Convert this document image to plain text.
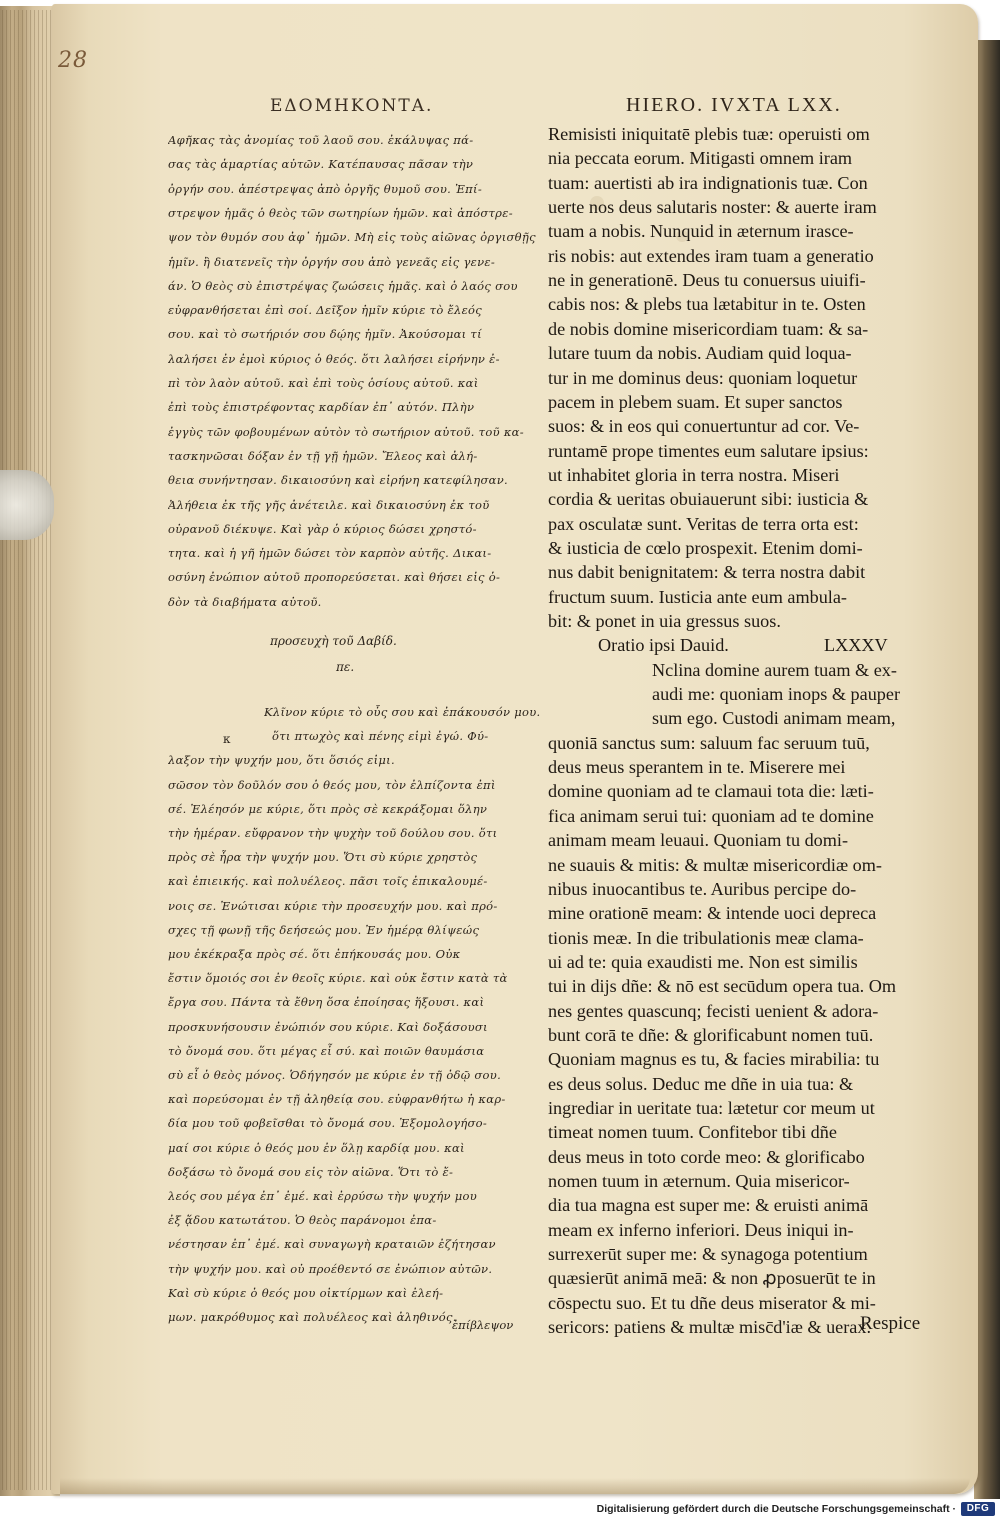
28
ΕΔΟΜΗΚΟΝΤΑ.	HIERO. IVXTA LXX.
Αφῆκας τὰς ἀνομίας τοῦ λαοῦ σου. ἐκάλυψας πά-
σας τὰς ἁμαρτίας αὐτῶν. Κατέπαυσας πᾶσαν τὴν
ὀργήν σου. ἀπέστρεψας ἀπὸ ὀργῆς θυμοῦ σου. Ἐπί-
στρεψον ἡμᾶς ὁ θεὸς τῶν σωτηρίων ἡμῶν. καὶ ἀπόστρε-
ψον τὸν θυμόν σου ἀφ᾽ ἡμῶν. Μὴ εἰς τοὺς αἰῶνας ὀργισθῇς
ἡμῖν. ἢ διατενεῖς τὴν ὀργήν σου ἀπὸ γενεᾶς εἰς γενε-
άν. Ὁ θεὸς σὺ ἐπιστρέψας ζωώσεις ἡμᾶς. καὶ ὁ λαός σου
εὐφρανθήσεται ἐπὶ σοί. Δεῖξον ἡμῖν κύριε τὸ ἔλεός
σου. καὶ τὸ σωτήριόν σου δῴης ἡμῖν. Ἀκούσομαι τί
λαλήσει ἐν ἐμοὶ κύριος ὁ θεός. ὅτι λαλήσει εἰρήνην ἐ-
πὶ τὸν λαὸν αὐτοῦ. καὶ ἐπὶ τοὺς ὁσίους αὐτοῦ. καὶ
ἐπὶ τοὺς ἐπιστρέφοντας καρδίαν ἐπ᾽ αὐτόν. Πλὴν
ἐγγὺς τῶν φοβουμένων αὐτὸν τὸ σωτήριον αὐτοῦ. τοῦ κα-
τασκηνῶσαι δόξαν ἐν τῇ γῇ ἡμῶν. Ἔλεος καὶ ἀλή-
θεια συνήντησαν. δικαιοσύνη καὶ εἰρήνη κατεφίλησαν.
Ἀλήθεια ἐκ τῆς γῆς ἀνέτειλε. καὶ δικαιοσύνη ἐκ τοῦ
οὐρανοῦ διέκυψε. Καὶ γὰρ ὁ κύριος δώσει χρηστό-
τητα. καὶ ἡ γῆ ἡμῶν δώσει τὸν καρπὸν αὐτῆς. Δικαι-
οσύνη ἐνώπιον αὐτοῦ προπορεύσεται. καὶ θήσει εἰς ὁ-
δὸν τὰ διαβήματα αὐτοῦ.
προσευχὴ τοῦ Δαβίδ.
πε.
Κλῖνον κύριε τὸ οὖς σου καὶ ἐπάκουσόν μου.
ὅτι πτωχὸς καὶ πένης εἰμὶ ἐγώ. Φύ-
λαξον τὴν ψυχήν μου, ὅτι ὅσιός εἰμι.
σῶσον τὸν δοῦλόν σου ὁ θεός μου, τὸν ἐλπίζοντα ἐπὶ
σέ. Ἐλέησόν με κύριε, ὅτι πρὸς σὲ κεκράξομαι ὅλην
τὴν ἡμέραν. εὔφρανον τὴν ψυχὴν τοῦ δούλου σου. ὅτι
πρὸς σὲ ἦρα τὴν ψυχήν μου. Ὅτι σὺ κύριε χρηστὸς
καὶ ἐπιεικής. καὶ πολυέλεος. πᾶσι τοῖς ἐπικαλουμέ-
νοις σε. Ἐνώτισαι κύριε τὴν προσευχήν μου. καὶ πρό-
σχες τῇ φωνῇ τῆς δεήσεώς μου. Ἐν ἡμέρᾳ θλίψεώς
μου ἐκέκραξα πρὸς σέ. ὅτι ἐπήκουσάς μου. Οὐκ
ἔστιν ὅμοιός σοι ἐν θεοῖς κύριε. καὶ οὐκ ἔστιν κατὰ τὰ
ἔργα σου. Πάντα τὰ ἔθνη ὅσα ἐποίησας ἥξουσι. καὶ
προσκυνήσουσιν ἐνώπιόν σου κύριε. Καὶ δοξάσουσι
τὸ ὄνομά σου. ὅτι μέγας εἶ σύ. καὶ ποιῶν θαυμάσια
σὺ εἶ ὁ θεὸς μόνος. Ὁδήγησόν με κύριε ἐν τῇ ὁδῷ σου.
καὶ πορεύσομαι ἐν τῇ ἀληθείᾳ σου. εὐφρανθήτω ἡ καρ-
δία μου τοῦ φοβεῖσθαι τὸ ὄνομά σου. Ἐξομολογήσο-
μαί σοι κύριε ὁ θεός μου ἐν ὅλῃ καρδίᾳ μου. καὶ
δοξάσω τὸ ὄνομά σου εἰς τὸν αἰῶνα. Ὅτι τὸ ἔ-
λεός σου μέγα ἐπ᾽ ἐμέ. καὶ ἐρρύσω τὴν ψυχήν μου
ἐξ ᾅδου κατωτάτου. Ὁ θεὸς παράνομοι ἐπα-
νέστησαν ἐπ᾽ ἐμέ. καὶ συναγωγὴ κραταιῶν ἐζήτησαν
τὴν ψυχήν μου. καὶ οὐ προέθεντό σε ἐνώπιον αὐτῶν.
Καὶ σὺ κύριε ὁ θεός μου οἰκτίρμων καὶ ἐλεή-
μων. μακρόθυμος καὶ πολυέλεος καὶ ἀληθινός.
κ
ἐπίβλεψον
Remisisti iniquitatē plebis tuæ: operuisti om
nia peccata eorum. Mitigasti omnem iram
tuam: auertisti ab ira indignationis tuæ. Con
uerte nos deus salutaris noster: & auerte iram
tuam a nobis. Nunquid in æternum irasce-
ris nobis: aut extendes iram tuam a generatio
ne in generationē. Deus tu conuersus uiuifi-
cabis nos: & plebs tua lætabitur in te. Osten
de nobis domine misericordiam tuam: & sa-
lutare tuum da nobis. Audiam quid loqua-
tur in me dominus deus: quoniam loquetur
pacem in plebem suam. Et super sanctos
suos: & in eos qui conuertuntur ad cor. Ve-
runtamē prope timentes eum salutare ipsius:
ut inhabitet gloria in terra nostra. Miseri
cordia & ueritas obuiauerunt sibi: iusticia &
pax osculatæ sunt. Veritas de terra orta est:
& iusticia de cœlo prospexit. Etenim domi-
nus dabit benignitatem: & terra nostra dabit
fructum suum. Iusticia ante eum ambula-
bit: & ponet in uia gressus suos.
Oratio ipsi Dauid.	LXXXV
Nclina domine aurem tuam & ex-
audi me: quoniam inops & pauper
sum ego. Custodi animam meam,
quoniā sanctus sum: saluum fac seruum tuū,
deus meus sperantem in te. Miserere mei
domine quoniam ad te clamaui tota die: læti-
fica animam serui tui: quoniam ad te domine
animam meam leuaui. Quoniam tu domi-
ne suauis & mitis: & multæ misericordiæ om-
nibus inuocantibus te. Auribus percipe do-
mine orationē meam: & intende uoci depreca
tionis meæ. In die tribulationis meæ clama-
ui ad te: quia exaudisti me. Non est similis
tui in dijs dñe: & nō est secūdum opera tua. Om
nes gentes quascunq; fecisti uenient & adora-
bunt corā te dñe: & glorificabunt nomen tuū.
Quoniam magnus es tu, & facies mirabilia: tu
es deus solus. Deduc me dñe in uia tua: &
ingrediar in ueritate tua: lætetur cor meum ut
timeat nomen tuum. Confitebor tibi dñe
deus meus in toto corde meo: & glorificabo
nomen tuum in æternum. Quia misericor-
dia tua magna est super me: & eruisti animā
meam ex inferno inferiori. Deus iniqui in-
surrexerūt super me: & synagoga potentium
quæsierūt animā meā: & non ꝓposuerūt te in
cōspectu suo. Et tu dñe deus miserator & mi-
sericors: patiens & multæ misc̄d'iæ & uerax.
Respice
Digitalisierung gefördert durch die Deutsche Forschungsgemeinschaft ·	DFG
